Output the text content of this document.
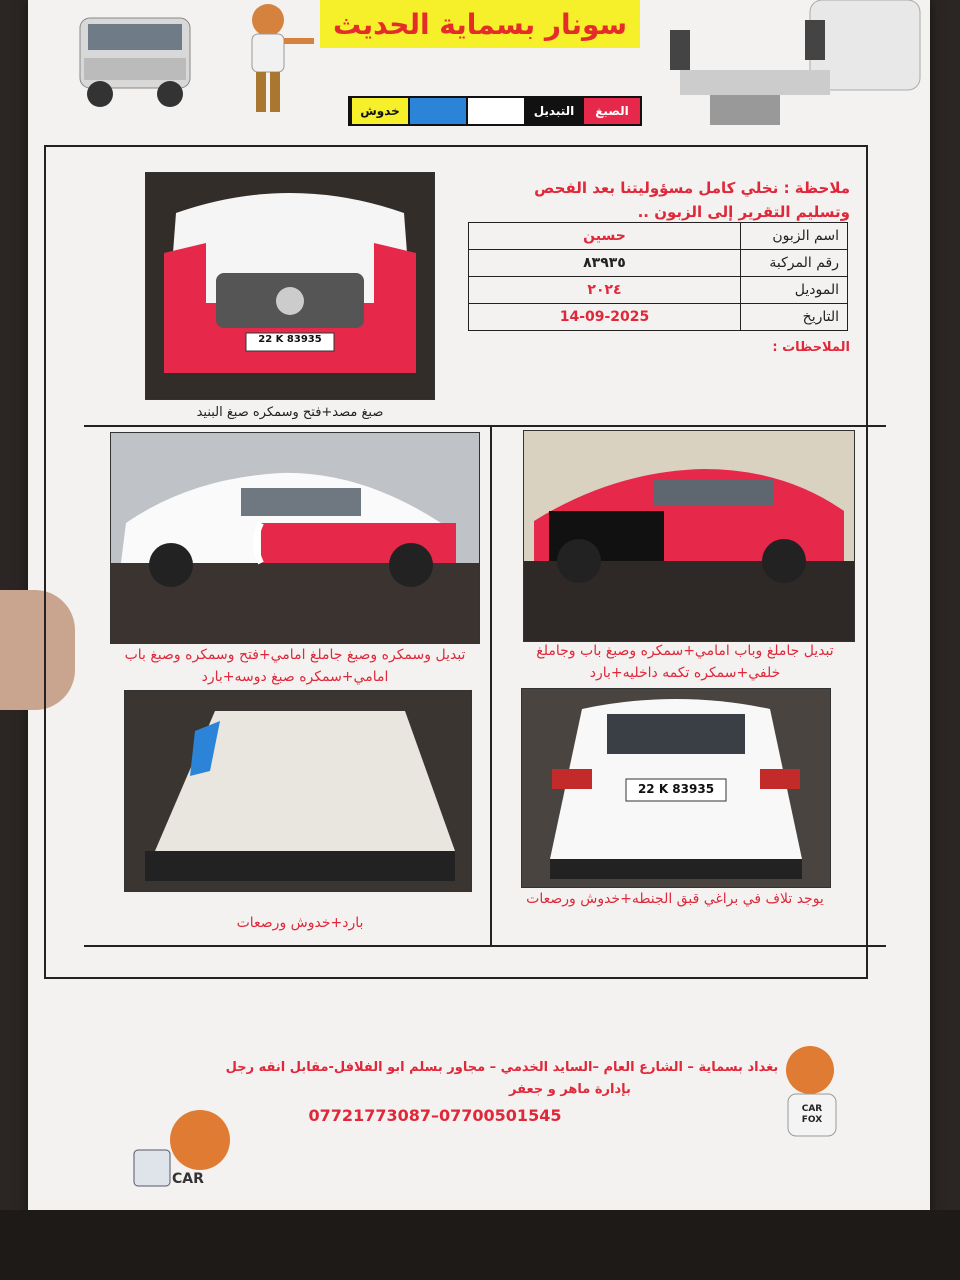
سونار بسماية الحديث
الصبغ
التبديل
خدوش
ملاحظة : نخلي كامل مسؤوليتنا بعد الفحص
وتسليم التقرير إلى الزبون ..
اسم الزبون	حسين
رقم المركبة	٨٣٩٣٥
الموديل	٢٠٢٤
التاريخ	14-09-2025
الملاحظات :
22 K 83935
صبغ مصد+فتح وسمكره صبغ البنيد
تبديل وسمكره وصبغ جاملغ امامي+فتح وسمكره وصبغ باب امامي+سمكره صبغ دوسه+بارد
تبديل جاملغ وباب امامي+سمكره وصبغ باب وجاملغ خلفي+سمكره تكمه داخليه+بارد
بارد+خدوش ورصعات
22 K 83935
يوجد تلاف في براغي قبق الجنطه+خدوش ورصعات
بغداد بسماية – الشارع العام –السايد الخدمي – مجاور بسلم ابو الفلافل-مقابل انقه رجل
بإدارة ماهر و جعفر
07700501545–07721773087	CAR FOX
CAR
